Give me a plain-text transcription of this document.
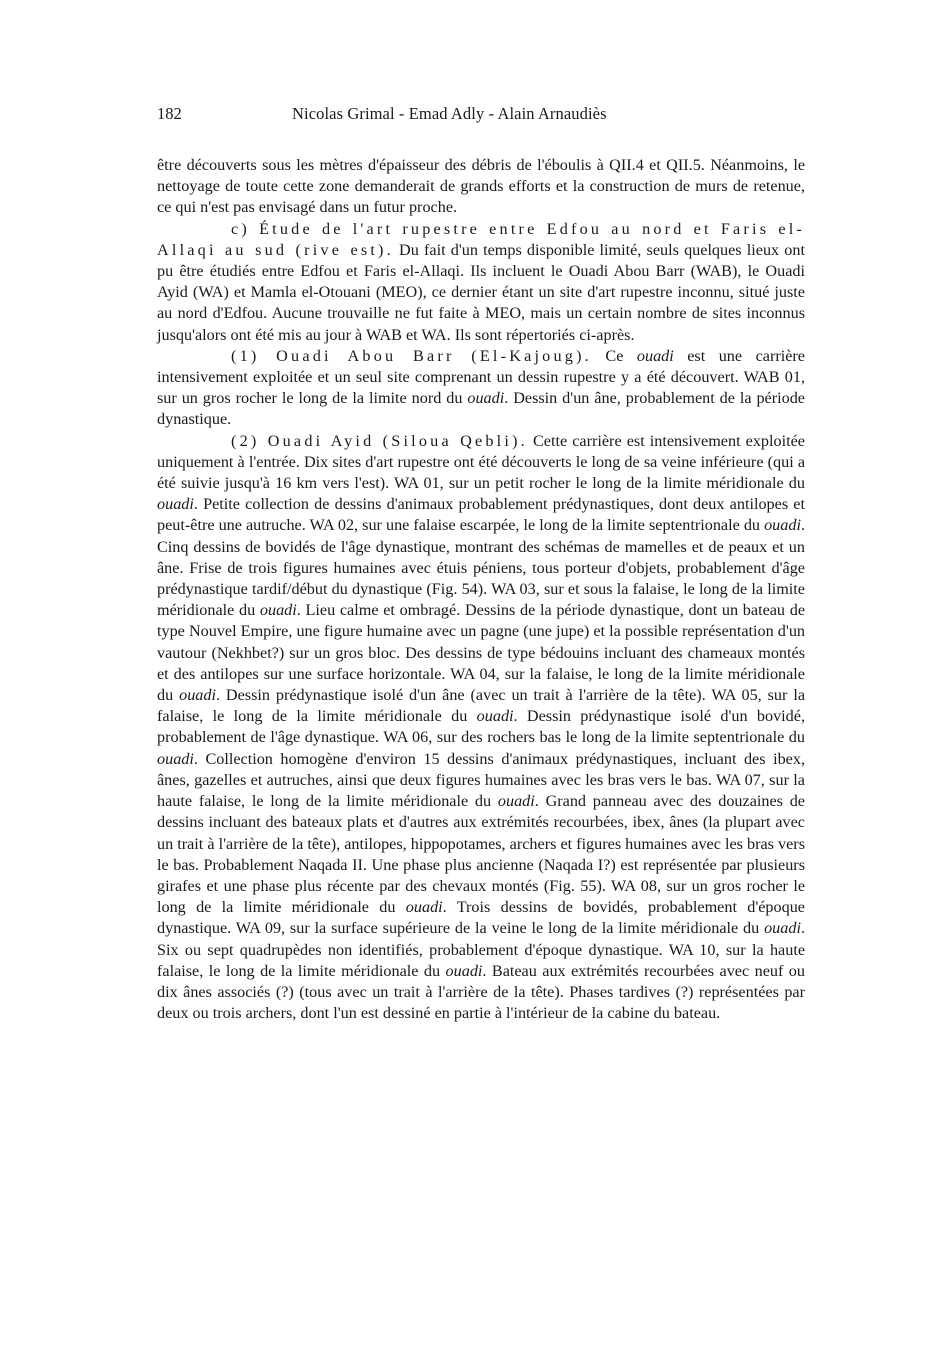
182	Nicolas Grimal - Emad Adly - Alain Arnaudiès

être découverts sous les mètres d'épaisseur des débris de l'éboulis à QII.4 et QII.5. Néanmoins, le nettoyage de toute cette zone demanderait de grands efforts et la construction de murs de retenue, ce qui n'est pas envisagé dans un futur proche.

c) Étude de l'art rupestre entre Edfou au nord et Faris el-Allaqi au sud (rive est). Du fait d'un temps disponible limité, seuls quelques lieux ont pu être étudiés entre Edfou et Faris el-Allaqi. Ils incluent le Ouadi Abou Barr (WAB), le Ouadi Ayid (WA) et Mamla el-Otouani (MEO), ce dernier étant un site d'art rupestre inconnu, situé juste au nord d'Edfou. Aucune trouvaille ne fut faite à MEO, mais un certain nombre de sites inconnus jusqu'alors ont été mis au jour à WAB et WA. Ils sont répertoriés ci-après.

(1) Ouadi Abou Barr (El-Kajoug). Ce ouadi est une carrière intensivement exploitée et un seul site comprenant un dessin rupestre y a été découvert. WAB 01, sur un gros rocher le long de la limite nord du ouadi. Dessin d'un âne, probablement de la période dynastique.

(2) Ouadi Ayid (Siloua Qebli). Cette carrière est intensivement exploitée uniquement à l'entrée. Dix sites d'art rupestre ont été découverts le long de sa veine inférieure (qui a été suivie jusqu'à 16 km vers l'est). WA 01, sur un petit rocher le long de la limite méridionale du ouadi. Petite collection de dessins d'animaux probablement prédynastiques, dont deux antilopes et peut-être une autruche. WA 02, sur une falaise escarpée, le long de la limite septentrionale du ouadi. Cinq dessins de bovidés de l'âge dynastique, montrant des schémas de mamelles et de peaux et un âne. Frise de trois figures humaines avec étuis péniens, tous porteur d'objets, probablement d'âge prédynastique tardif/début du dynastique (Fig. 54). WA 03, sur et sous la falaise, le long de la limite méridionale du ouadi. Lieu calme et ombragé. Dessins de la période dynastique, dont un bateau de type Nouvel Empire, une figure humaine avec un pagne (une jupe) et la possible représentation d'un vautour (Nekhbet?) sur un gros bloc. Des dessins de type bédouins incluant des chameaux montés et des antilopes sur une surface horizontale. WA 04, sur la falaise, le long de la limite méridionale du ouadi. Dessin prédynastique isolé d'un âne (avec un trait à l'arrière de la tête). WA 05, sur la falaise, le long de la limite méridionale du ouadi. Dessin prédynastique isolé d'un bovidé, probablement de l'âge dynastique. WA 06, sur des rochers bas le long de la limite septentrionale du ouadi. Collection homogène d'environ 15 dessins d'animaux prédynastiques, incluant des ibex, ânes, gazelles et autruches, ainsi que deux figures humaines avec les bras vers le bas. WA 07, sur la haute falaise, le long de la limite méridionale du ouadi. Grand panneau avec des douzaines de dessins incluant des bateaux plats et d'autres aux extrémités recourbées, ibex, ânes (la plupart avec un trait à l'arrière de la tête), antilopes, hippopotames, archers et figures humaines avec les bras vers le bas. Probablement Naqada II. Une phase plus ancienne (Naqada I?) est représentée par plusieurs girafes et une phase plus récente par des chevaux montés (Fig. 55). WA 08, sur un gros rocher le long de la limite méridionale du ouadi. Trois dessins de bovidés, probablement d'époque dynastique. WA 09, sur la surface supérieure de la veine le long de la limite méridionale du ouadi. Six ou sept quadrupèdes non identifiés, probablement d'époque dynastique. WA 10, sur la haute falaise, le long de la limite méridionale du ouadi. Bateau aux extrémités recourbées avec neuf ou dix ânes associés (?) (tous avec un trait à l'arrière de la tête). Phases tardives (?) représentées par deux ou trois archers, dont l'un est dessiné en partie à l'intérieur de la cabine du bateau.
